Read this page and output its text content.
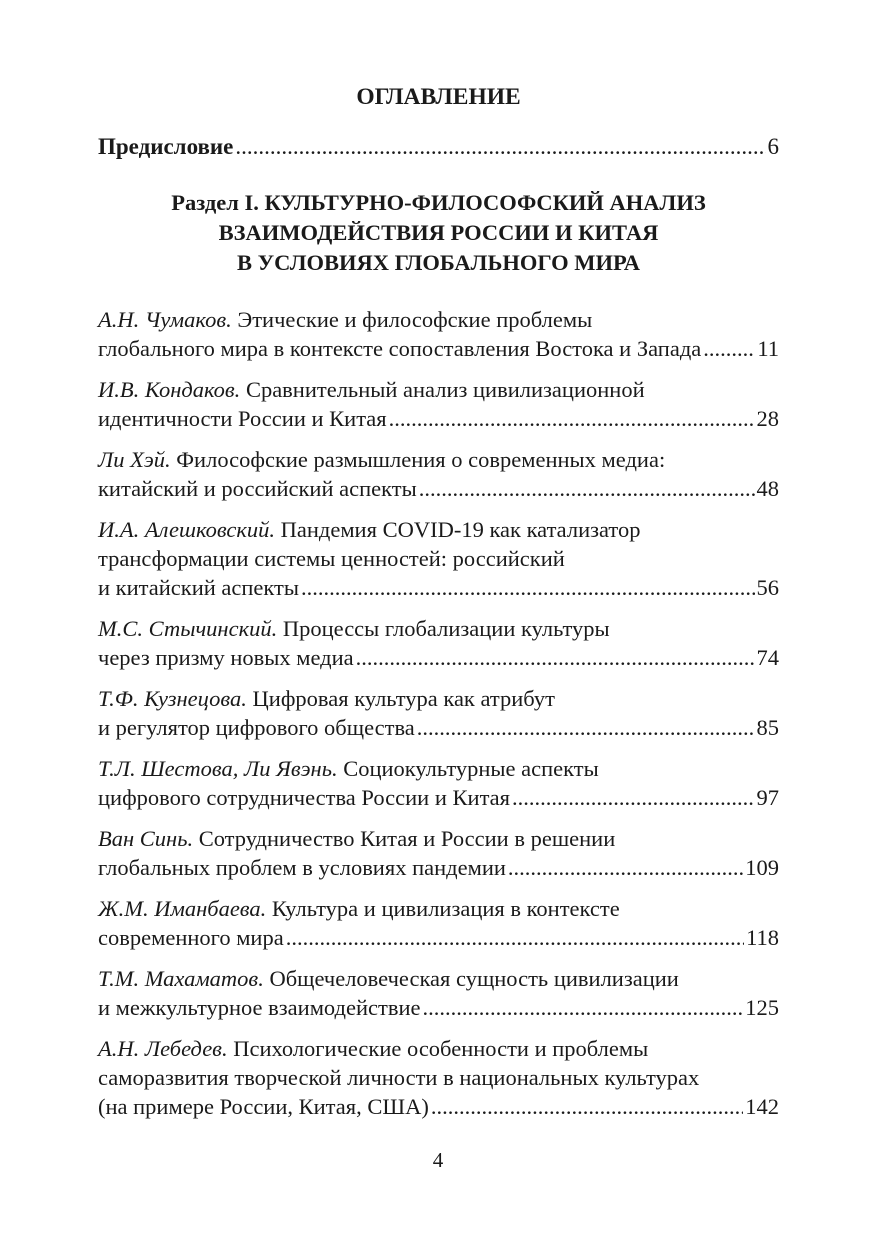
ОГЛАВЛЕНИЕ
Предисловие .....	6
Раздел I. КУЛЬТУРНО-ФИЛОСОФСКИЙ АНАЛИЗ
ВЗАИМОДЕЙСТВИЯ РОССИИ И КИТАЯ
В УСЛОВИЯХ ГЛОБАЛЬНОГО МИРА
А.Н. Чумаков. Этические и философские проблемы
глобального мира в контексте сопоставления Востока и Запада ..... 11
И.В. Кондаков. Сравнительный анализ цивилизационной
идентичности России и Китая .....	28
Ли Хэй. Философские размышления о современных медиа:
китайский и российский аспекты .....	48
И.А. Алешковский. Пандемия COVID-19 как катализатор
трансформации системы ценностей: российский
и китайский аспекты .....	56
М.С. Стычинский. Процессы глобализации культуры
через призму новых медиа .....	74
Т.Ф. Кузнецова. Цифровая культура как атрибут
и регулятор цифрового общества .....	85
Т.Л. Шестова, Ли Явэнь. Социокультурные аспекты
цифрового сотрудничества России и Китая .....	97
Ван Синь. Сотрудничество Китая и России в решении
глобальных проблем в условиях пандемии .....	109
Ж.М. Иманбаева. Культура и цивилизация в контексте
современного мира .....	118
Т.М. Махаматов. Общечеловеческая сущность цивилизации
и межкультурное взаимодействие .....	125
А.Н. Лебедев. Психологические особенности и проблемы
саморазвития творческой личности в национальных культурах
(на примере России, Китая, США) .....	142
4
